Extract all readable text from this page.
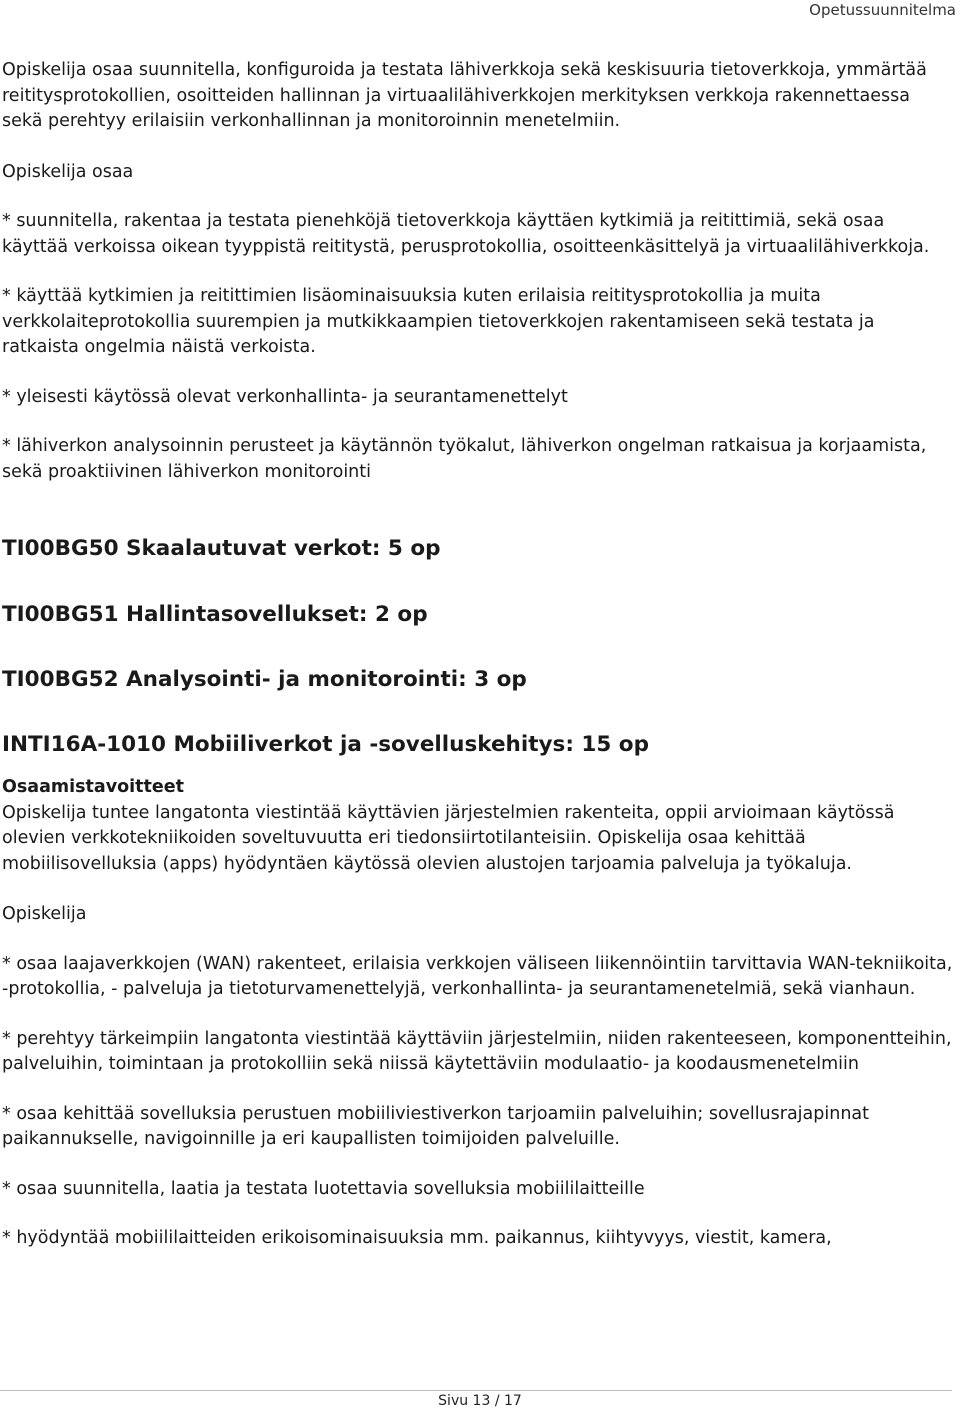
Opetussuunnitelma

Opiskelija osaa suunnitella, konfiguroida ja testata lähiverkkoja sekä keskisuuria tietoverkkoja, ymmärtää reititysprotokollien, osoitteiden hallinnan ja virtuaalilähiverkkojen merkityksen verkkoja rakennettaessa sekä perehtyy erilaisiin verkonhallinnan ja monitoroinnin menetelmiin.

Opiskelija osaa

* suunnitella, rakentaa ja testata pienehköjä tietoverkkoja käyttäen kytkimiä ja reitittimiä, sekä osaa käyttää verkoissa oikean tyyppistä reititystä, perusprotokollia, osoitteenkäsittelyä ja virtuaalilähiverkkoja.

* käyttää kytkimien ja reitittimien lisäominaisuuksia kuten erilaisia reititysprotokollia ja muita verkkolaiteprotokollia suurempien ja mutkikkaampien tietoverkkojen rakentamiseen sekä testata ja ratkaista ongelmia näistä verkoista.

* yleisesti käytössä olevat verkonhallinta- ja seurantamenettelyt

* lähiverkon analysoinnin perusteet ja käytännön työkalut, lähiverkon ongelman ratkaisua ja korjaamista, sekä proaktiivinen lähiverkon monitorointi

TI00BG50 Skaalautuvat verkot: 5 op
TI00BG51 Hallintasovellukset: 2 op
TI00BG52 Analysointi- ja monitorointi: 3 op
INTI16A-1010 Mobiiliverkot ja -sovelluskehitys: 15 op

Osaamistavoitteet

Opiskelija tuntee langatonta viestintää käyttävien järjestelmien rakenteita, oppii arvioimaan käytössä olevien verkkotekniikoiden soveltuvuutta eri tiedonsiirtotilanteisiin. Opiskelija osaa kehittää mobiilisovelluksia (apps) hyödyntäen käytössä olevien alustojen tarjoamia palveluja ja työkaluja.

Opiskelija

* osaa laajaverkkojen (WAN) rakenteet, erilaisia verkkojen väliseen liikennöintiin tarvittavia WAN-tekniikoita, -protokollia, - palveluja ja tietoturvamenettelyjä, verkonhallinta- ja seurantamenetelmiä, sekä vianhaun.

* perehtyy tärkeimpiin langatonta viestintää käyttäviin järjestelmiin, niiden rakenteeseen, komponentteihin, palveluihin, toimintaan ja protokolliin sekä niissä käytettäviin modulaatio- ja koodausmenetelmiin

* osaa kehittää sovelluksia perustuen mobiiliviestiverkon tarjoamiin palveluihin; sovellusrajapinnat paikannukselle, navigoinnille ja eri kaupallisten toimijoiden palveluille.

* osaa suunnitella, laatia ja testata luotettavia sovelluksia mobiililaitteille

* hyödyntää mobiililaitteiden erikoisominaisuuksia mm. paikannus, kiihtyvyys, viestit, kamera,

Sivu 13 / 17
